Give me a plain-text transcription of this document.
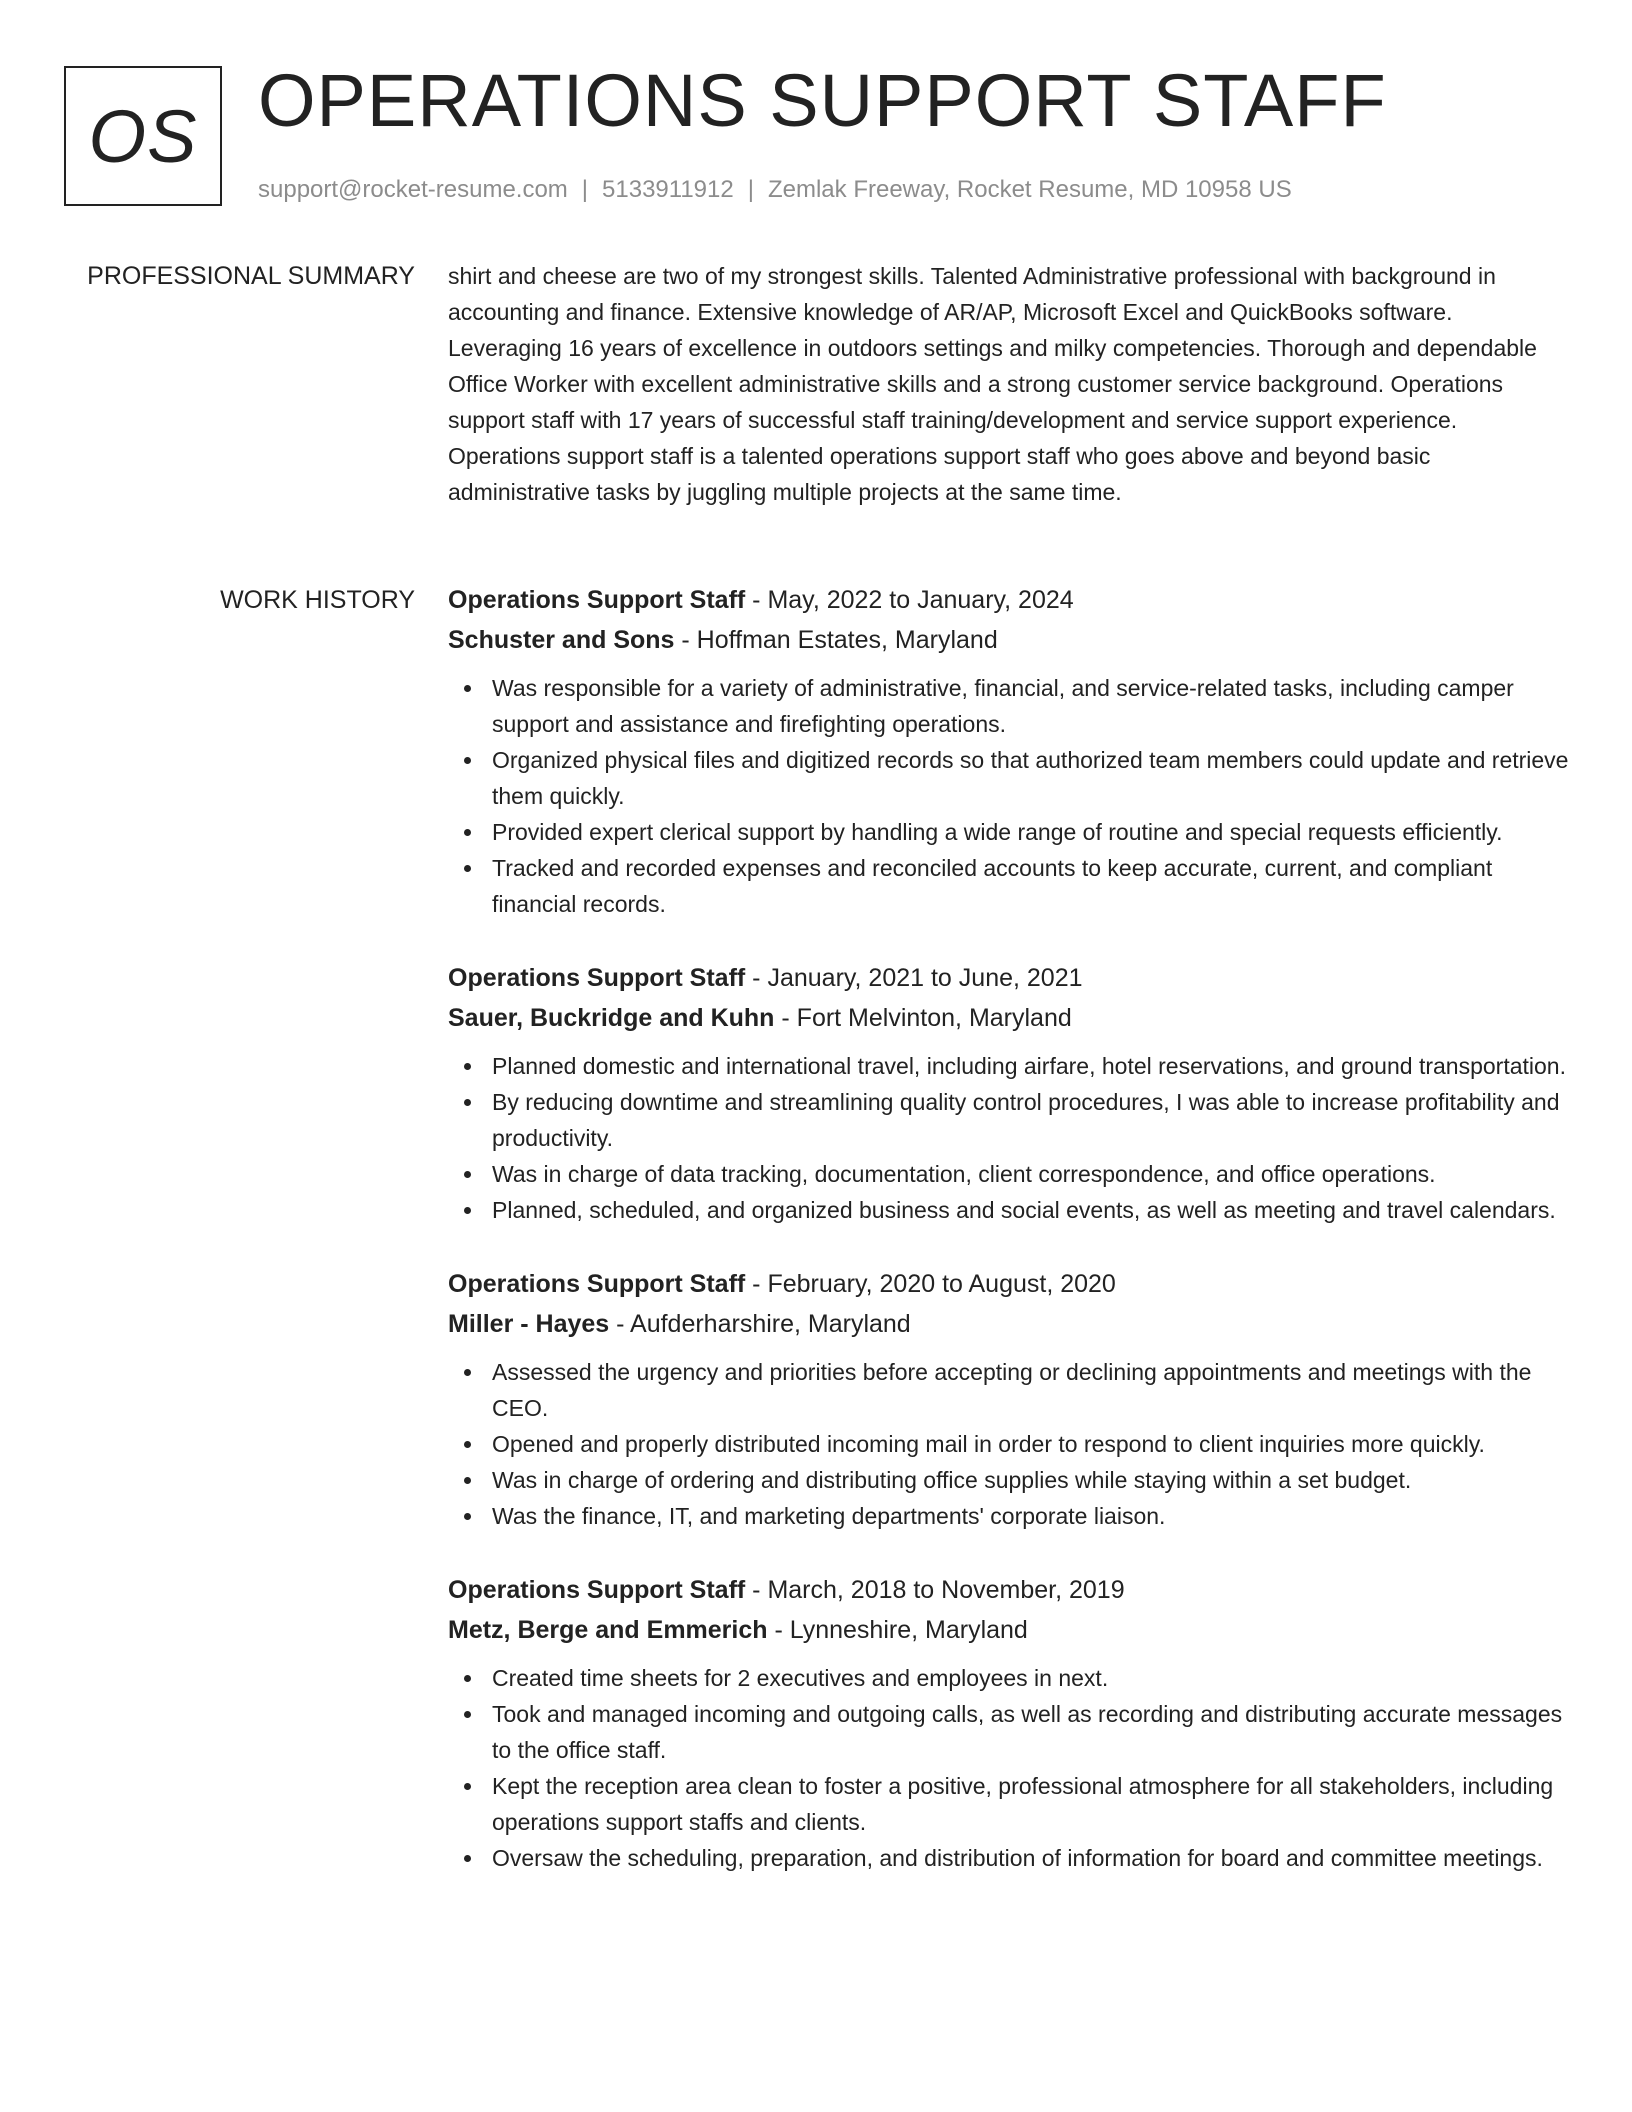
OS OPERATIONS SUPPORT STAFF
support@rocket-resume.com | 5133911912 | Zemlak Freeway, Rocket Resume, MD 10958 US
PROFESSIONAL SUMMARY shirt and cheese are two of my strongest skills. Talented Administrative professional with background in accounting and finance. Extensive knowledge of AR/AP, Microsoft Excel and QuickBooks software. Leveraging 16 years of excellence in outdoors settings and milky competencies. Thorough and dependable Office Worker with excellent administrative skills and a strong customer service background. Operations support staff with 17 years of successful staff training/development and service support experience. Operations support staff is a talented operations support staff who goes above and beyond basic administrative tasks by juggling multiple projects at the same time.

WORK HISTORY Operations Support Staff - May, 2022 to January, 2024
Schuster and Sons - Hoffman Estates, Maryland
Was responsible for a variety of administrative, financial, and service-related tasks, including camper support and assistance and firefighting operations.
Organized physical files and digitized records so that authorized team members could update and retrieve them quickly.
Provided expert clerical support by handling a wide range of routine and special requests efficiently.
Tracked and recorded expenses and reconciled accounts to keep accurate, current, and compliant financial records.
Operations Support Staff - January, 2021 to June, 2021
Sauer, Buckridge and Kuhn - Fort Melvinton, Maryland
Planned domestic and international travel, including airfare, hotel reservations, and ground transportation.
By reducing downtime and streamlining quality control procedures, I was able to increase profitability and productivity.
Was in charge of data tracking, documentation, client correspondence, and office operations.
Planned, scheduled, and organized business and social events, as well as meeting and travel calendars.
Operations Support Staff - February, 2020 to August, 2020
Miller - Hayes - Aufderharshire, Maryland
Assessed the urgency and priorities before accepting or declining appointments and meetings with the CEO.
Opened and properly distributed incoming mail in order to respond to client inquiries more quickly.
Was in charge of ordering and distributing office supplies while staying within a set budget.
Was the finance, IT, and marketing departments' corporate liaison.
Operations Support Staff - March, 2018 to November, 2019
Metz, Berge and Emmerich - Lynneshire, Maryland
Created time sheets for 2 executives and employees in next.
Took and managed incoming and outgoing calls, as well as recording and distributing accurate messages to the office staff.
Kept the reception area clean to foster a positive, professional atmosphere for all stakeholders, including operations support staffs and clients.
Oversaw the scheduling, preparation, and distribution of information for board and committee meetings.
